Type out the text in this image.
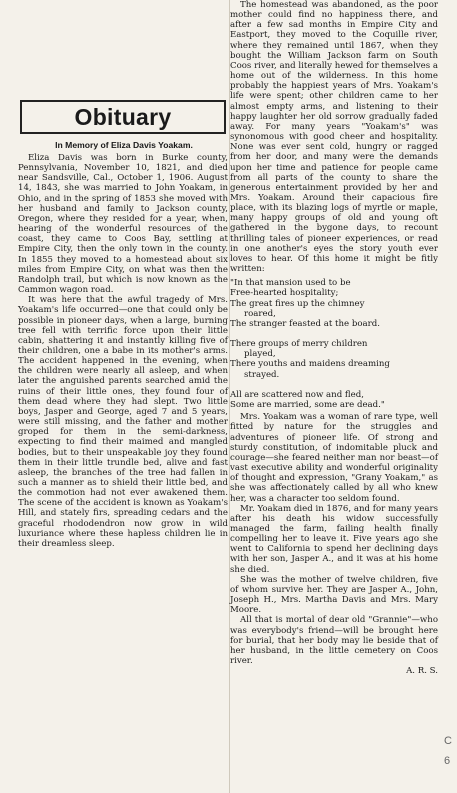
Obituary
In Memory of Eliza Davis Yoakam.

Eliza Davis was born in Burke county, Pennsylvania, November 10, 1821, and died near Sandsville, Cal., October 1, 1906. August 14, 1843, she was married to John Yoakam, in Ohio, and in the spring of 1853 she moved with her husband and family to Jackson county, Oregon, where they resided for a year, when, hearing of the wonderful resources of the coast, they came to Coos Bay, settling at Empire City, then the only town in the county. In 1855 they moved to a homestead about six miles from Empire City, on what was then the Randolph trail, but which is now known as the Cammon wagon road.

It was here that the awful tragedy of Mrs. Yoakam's life occurred—one that could only be possible in pioneer days, when a large, burning tree fell with terrific force upon their little cabin, shattering it and instantly killing five of their children, one a babe in its mother's arms. The accident happened in the evening, when the children were nearly all asleep, and when later the anguished parents searched amid the ruins of their little ones, they found four of them dead where they had slept. Two little boys, Jasper and George, aged 7 and 5 years, were still missing, and the father and mother groped for them in the semi-darkness, expecting to find their maimed and mangled bodies, but to their unspeakable joy they found them in their little trundle bed, alive and fast asleep, the branches of the tree had fallen in such a manner as to shield their little bed, and the commotion had not ever awakened them. The scene of the accident is known as Yoakam's Hill, and stately firs, spreading cedars and the graceful rhododendron now grow in wild luxuriance where these hapless children lie in their dreamless sleep.

The homestead was abandoned, as the poor mother could find no happiness there, and after a few sad months in Empire City and Eastport, they moved to the Coquille river, where they remained until 1867, when they bought the William Jackson farm on South Coos river, and literally hewed for themselves a home out of the wilderness. In this home probably the happiest years of Mrs. Yoakam's life were spent; other children came to her almost empty arms, and listening to their happy laughter her old sorrow gradually faded away. For many years "Yoakam's" was synonomous with good cheer and hospitality. None was ever sent cold, hungry or ragged from her door, and many were the demands upon her time and patience for people came from all parts of the county to share the generous entertainment provided by her and Mrs. Yoakam. Around their capacious fire place, with its blazing logs of myrtle or maple, many happy groups of old and young oft gathered in the bygone days, to recount thrilling tales of pioneer experiences, or read in one another's eyes the story youth ever loves to hear. Of this home it might be fitly written:

"In that mansion used to be
Free-hearted hospitality;
The great fires up the chimney
roared,
The stranger feasted at the board.

There groups of merry children
played,
There youths and maidens dreaming
strayed.

All are scattered now and fled,
Some are married, some are dead."

Mrs. Yoakam was a woman of rare type, well fitted by nature for the struggles and adventures of pioneer life. Of strong and sturdy constitution, of indomitable pluck and courage—she feared neither man nor beast—of vast executive ability and wonderful originality of thought and expression, "Grany Yoakam," as she was affectionately called by all who knew her, was a character too seldom found.

Mr. Yoakam died in 1876, and for many years after his death his widow successfully managed the farm, failing health finally compelling her to leave it. Five years ago she went to California to spend her declining days with her son, Jasper A., and it was at his home she died.

She was the mother of twelve children, five of whom survive her. They are Jasper A., John, Joseph H., Mrs. Martha Davis and Mrs. Mary Moore.

All that is mortal of dear old "Grannie"—who was everybody's friend—will be brought here for burial, that her body may lie beside that of her husband, in the little cemetery on Coos river.

A. R. S.
C
6
